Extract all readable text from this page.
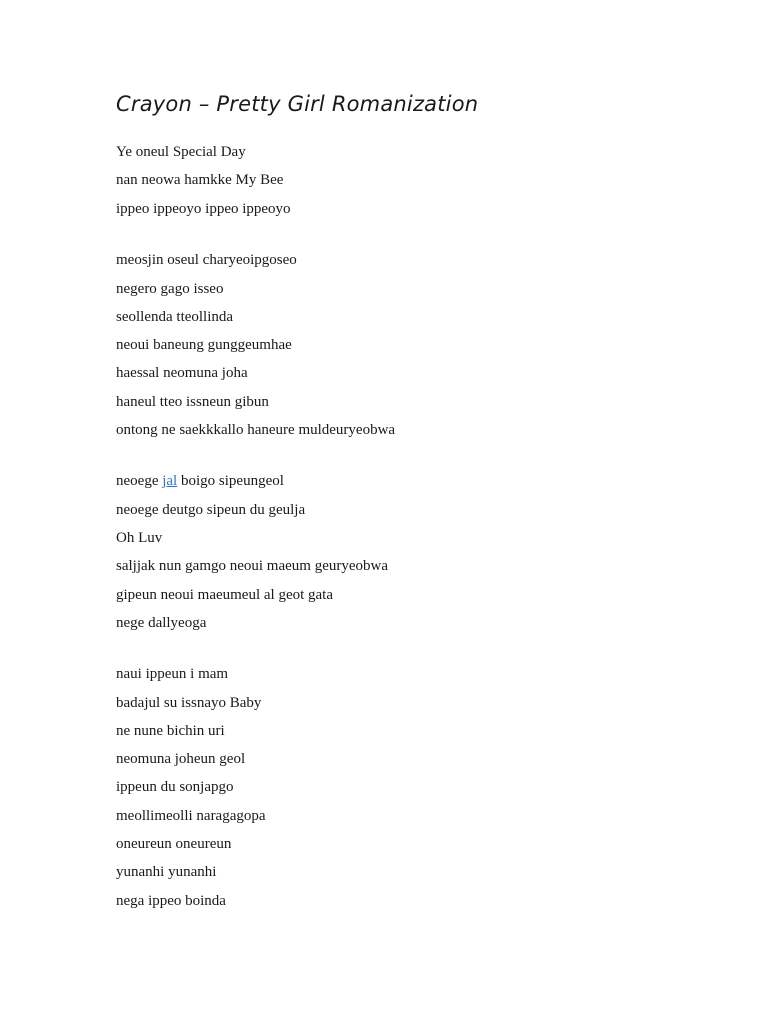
Crayon – Pretty Girl Romanization

Ye oneul Special Day

nan neowa hamkke My Bee

ippeo ippeoyo ippeo ippeoyo

meosjin oseul charyeoipgoseo

negero gago isseo

seollenda tteollinda

neoui baneung gunggeumhae

haessal neomuna joha

haneul tteo issneun gibun

ontong ne saekkkallo haneure muldeuryeobwa

neoege jal boigo sipeungeol

neoege deutgo sipeun du geulja

Oh Luv

saljjak nun gamgo neoui maeum geuryeobwa

gipeun neoui maeumeul al geot gata

nege dallyeoga

naui ippeun i mam

badajul su issnayo Baby

ne nune bichin uri

neomuna joheun geol

ippeun du sonjapgo

meollimeolli naragagopa

oneureun oneureun

yunanhi yunanhi

nega ippeo boinda
